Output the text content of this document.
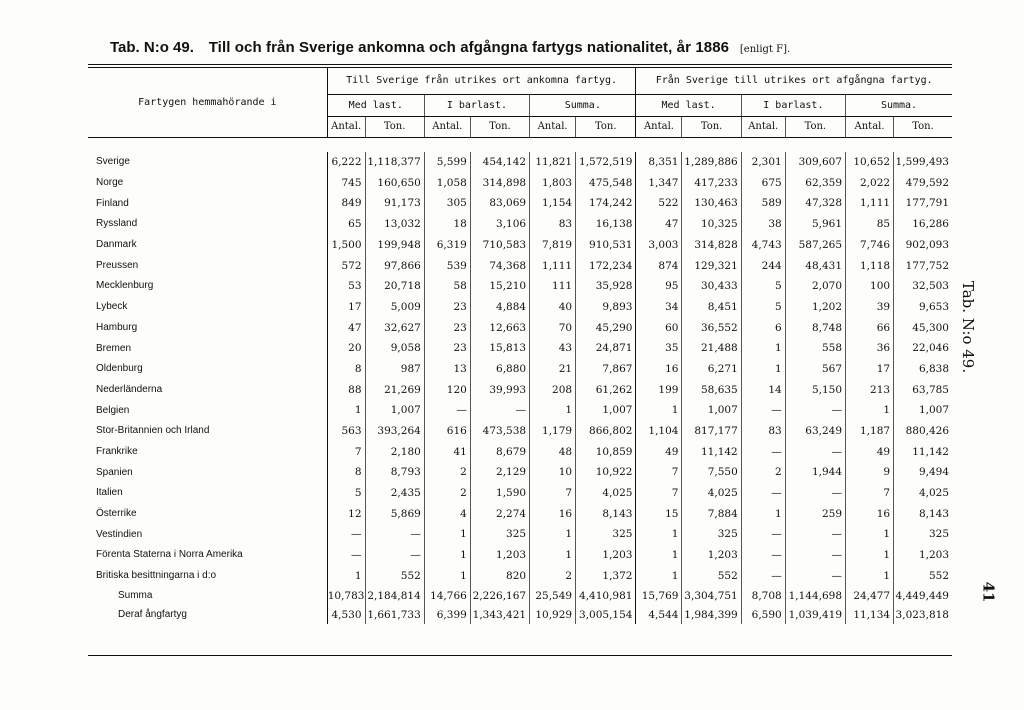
Tab. N:o 49. Till och från Sverige ankomna och afgångna fartygs nationalitet, år 1886 [enligt F].
Fartygen hemmahörande i	Till Sverige från utrikes ort ankomna fartyg.						Från Sverige till utrikes ort afgångna fartyg.					
	Med last.		I barlast.		Summa.		Med last.		I barlast.		Summa.	
	Antal.	Ton.	Antal.	Ton.	Antal.	Ton.	Antal.	Ton.	Antal.	Ton.	Antal.	Ton.

Sverige	6,222	1,118,377	5,599	454,142	11,821	1,572,519	8,351	1,289,886	2,301	309,607	10,652	1,599,493
Norge	745	160,650	1,058	314,898	1,803	475,548	1,347	417,233	675	62,359	2,022	479,592
Finland	849	91,173	305	83,069	1,154	174,242	522	130,463	589	47,328	1,111	177,791
Ryssland	65	13,032	18	3,106	83	16,138	47	10,325	38	5,961	85	16,286
Danmark	1,500	199,948	6,319	710,583	7,819	910,531	3,003	314,828	4,743	587,265	7,746	902,093
Preussen	572	97,866	539	74,368	1,111	172,234	874	129,321	244	48,431	1,118	177,752
Mecklenburg	53	20,718	58	15,210	111	35,928	95	30,433	5	2,070	100	32,503
Lybeck	17	5,009	23	4,884	40	9,893	34	8,451	5	1,202	39	9,653
Hamburg	47	32,627	23	12,663	70	45,290	60	36,552	6	8,748	66	45,300
Bremen	20	9,058	23	15,813	43	24,871	35	21,488	1	558	36	22,046
Oldenburg	8	987	13	6,880	21	7,867	16	6,271	1	567	17	6,838
Nederländerna	88	21,269	120	39,993	208	61,262	199	58,635	14	5,150	213	63,785
Belgien	1	1,007	—	—	1	1,007	1	1,007	—	—	1	1,007
Stor-Britannien och Irland	563	393,264	616	473,538	1,179	866,802	1,104	817,177	83	63,249	1,187	880,426
Frankrike	7	2,180	41	8,679	48	10,859	49	11,142	—	—	49	11,142
Spanien	8	8,793	2	2,129	10	10,922	7	7,550	2	1,944	9	9,494
Italien	5	2,435	2	1,590	7	4,025	7	4,025	—	—	7	4,025
Österrike	12	5,869	4	2,274	16	8,143	15	7,884	1	259	16	8,143
Vestindien	—	—	1	325	1	325	1	325	—	—	1	325
Förenta Staterna i Norra Amerika	—	—	1	1,203	1	1,203	1	1,203	—	—	1	1,203
Britiska besittningarna i d:o	1	552	1	820	2	1,372	1	552	—	—	1	552
Summa	10,783	2,184,814	14,766	2,226,167	25,549	4,410,981	15,769	3,304,751	8,708	1,144,698	24,477	4,449,449
Deraf ångfartyg	4,530	1,661,733	6,399	1,343,421	10,929	3,005,154	4,544	1,984,399	6,590	1,039,419	11,134	3,023,818
Tab. N:o 49.
41
